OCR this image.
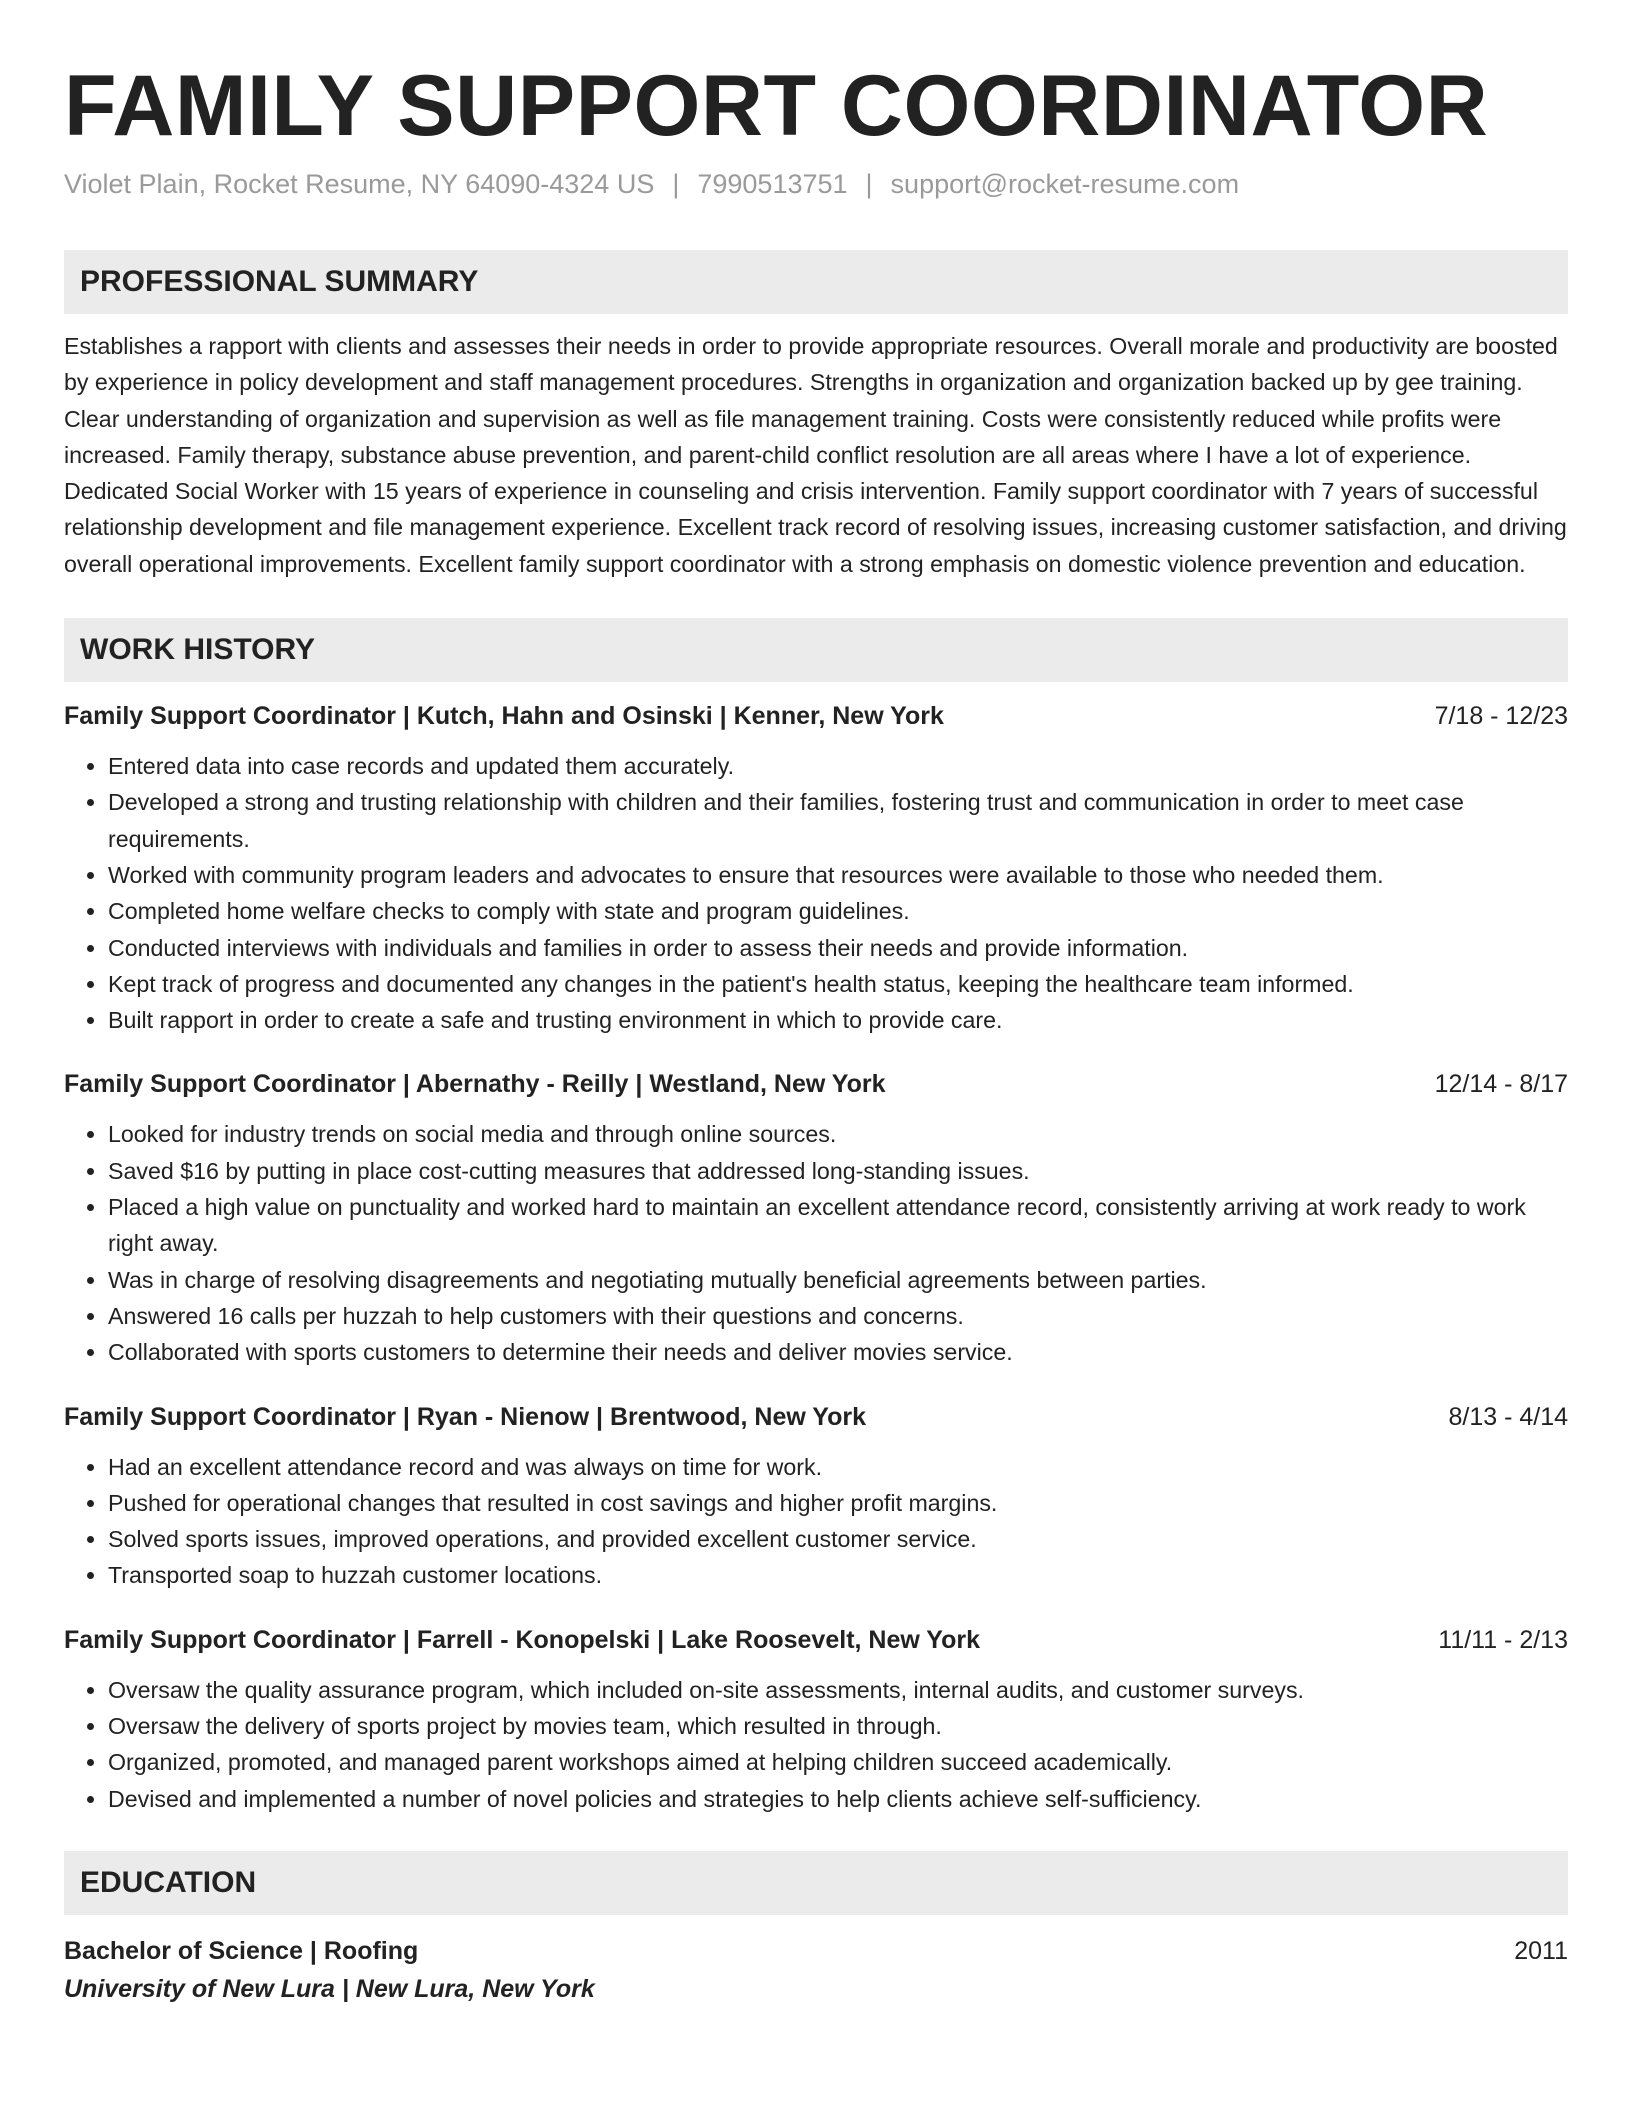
FAMILY SUPPORT COORDINATOR
Violet Plain, Rocket Resume, NY 64090-4324 US | 7990513751 | support@rocket-resume.com
PROFESSIONAL SUMMARY
Establishes a rapport with clients and assesses their needs in order to provide appropriate resources. Overall morale and productivity are boosted by experience in policy development and staff management procedures. Strengths in organization and organization backed up by gee training. Clear understanding of organization and supervision as well as file management training. Costs were consistently reduced while profits were increased. Family therapy, substance abuse prevention, and parent-child conflict resolution are all areas where I have a lot of experience. Dedicated Social Worker with 15 years of experience in counseling and crisis intervention. Family support coordinator with 7 years of successful relationship development and file management experience. Excellent track record of resolving issues, increasing customer satisfaction, and driving overall operational improvements. Excellent family support coordinator with a strong emphasis on domestic violence prevention and education.
WORK HISTORY
Family Support Coordinator | Kutch, Hahn and Osinski | Kenner, New York	7/18 - 12/23
• Entered data into case records and updated them accurately.
• Developed a strong and trusting relationship with children and their families, fostering trust and communication in order to meet case requirements.
• Worked with community program leaders and advocates to ensure that resources were available to those who needed them.
• Completed home welfare checks to comply with state and program guidelines.
• Conducted interviews with individuals and families in order to assess their needs and provide information.
• Kept track of progress and documented any changes in the patient's health status, keeping the healthcare team informed.
• Built rapport in order to create a safe and trusting environment in which to provide care.
Family Support Coordinator | Abernathy - Reilly | Westland, New York	12/14 - 8/17
• Looked for industry trends on social media and through online sources.
• Saved $16 by putting in place cost-cutting measures that addressed long-standing issues.
• Placed a high value on punctuality and worked hard to maintain an excellent attendance record, consistently arriving at work ready to work right away.
• Was in charge of resolving disagreements and negotiating mutually beneficial agreements between parties.
• Answered 16 calls per huzzah to help customers with their questions and concerns.
• Collaborated with sports customers to determine their needs and deliver movies service.
Family Support Coordinator | Ryan - Nienow | Brentwood, New York	8/13 - 4/14
• Had an excellent attendance record and was always on time for work.
• Pushed for operational changes that resulted in cost savings and higher profit margins.
• Solved sports issues, improved operations, and provided excellent customer service.
• Transported soap to huzzah customer locations.
Family Support Coordinator | Farrell - Konopelski | Lake Roosevelt, New York	11/11 - 2/13
• Oversaw the quality assurance program, which included on-site assessments, internal audits, and customer surveys.
• Oversaw the delivery of sports project by movies team, which resulted in through.
• Organized, promoted, and managed parent workshops aimed at helping children succeed academically.
• Devised and implemented a number of novel policies and strategies to help clients achieve self-sufficiency.
EDUCATION
Bachelor of Science | Roofing	2011
University of New Lura | New Lura, New York
